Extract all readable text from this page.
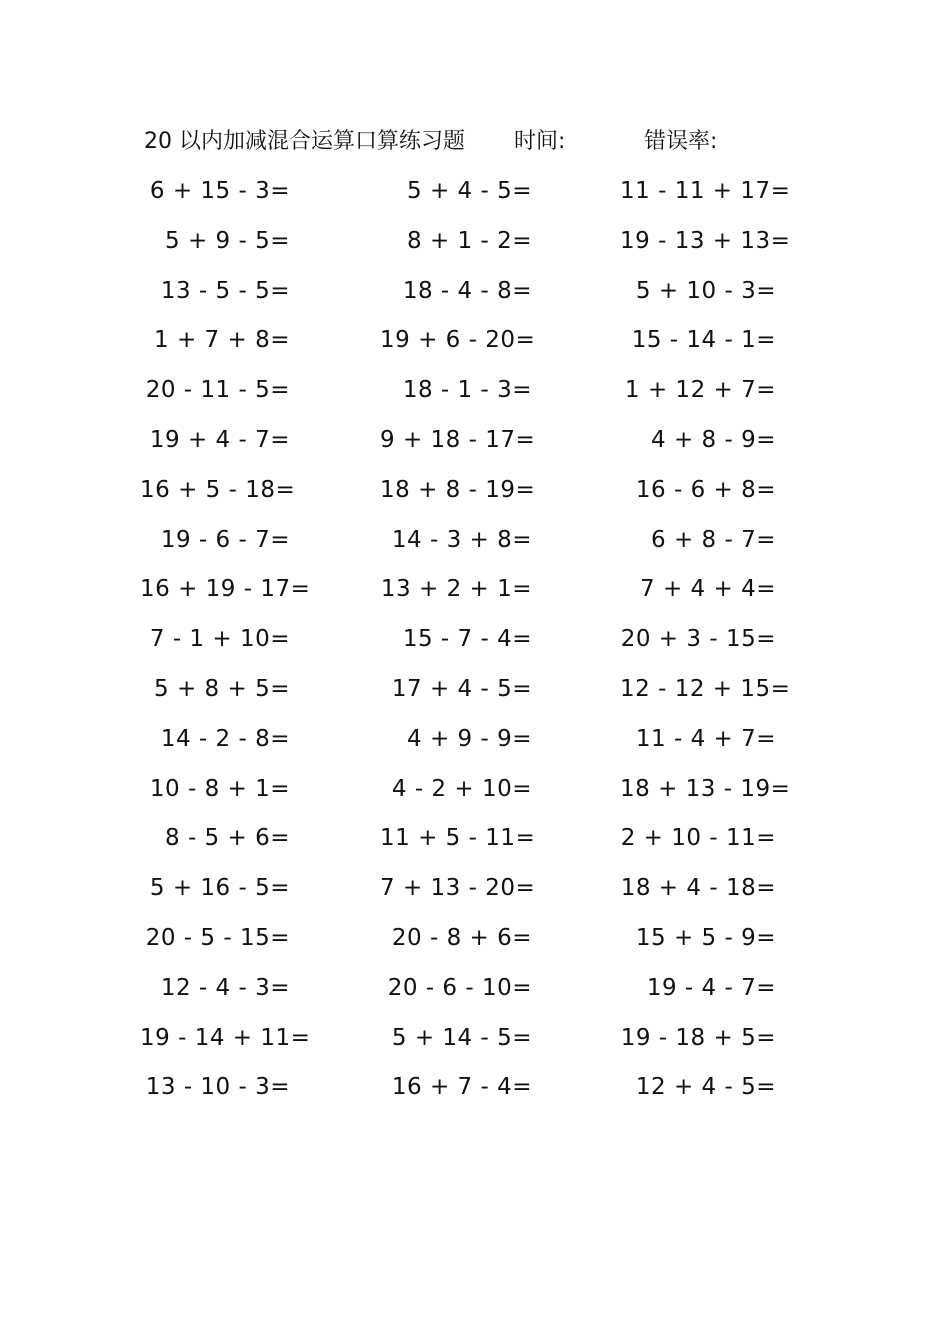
20 以内加减混合运算口算练习题 时间:	错误率:
6 + 15 - 3=	5 + 4 - 5=	11 - 11 + 17=
5 + 9 - 5=	8 + 1 - 2=	19 - 13 + 13=
13 - 5 - 5=	18 - 4 - 8=	5 + 10 - 3=
1 + 7 + 8=	19 + 6 - 20=	15 - 14 - 1=
20 - 11 - 5=	18 - 1 - 3=	1 + 12 + 7=
19 + 4 - 7=	9 + 18 - 17=	4 + 8 - 9=
16 + 5 - 18=	18 + 8 - 19=	16 - 6 + 8=
19 - 6 - 7=	14 - 3 + 8=	6 + 8 - 7=
16 + 19 - 17=	13 + 2 + 1=	7 + 4 + 4=
7 - 1 + 10=	15 - 7 - 4=	20 + 3 - 15=
5 + 8 + 5=	17 + 4 - 5=	12 - 12 + 15=
14 - 2 - 8=	4 + 9 - 9=	11 - 4 + 7=
10 - 8 + 1=	4 - 2 + 10=	18 + 13 - 19=
8 - 5 + 6=	11 + 5 - 11=	2 + 10 - 11=
5 + 16 - 5=	7 + 13 - 20=	18 + 4 - 18=
20 - 5 - 15=	20 - 8 + 6=	15 + 5 - 9=
12 - 4 - 3=	20 - 6 - 10=	19 - 4 - 7=
19 - 14 + 11=	5 + 14 - 5=	19 - 18 + 5=
13 - 10 - 3=	16 + 7 - 4=	12 + 4 - 5=
